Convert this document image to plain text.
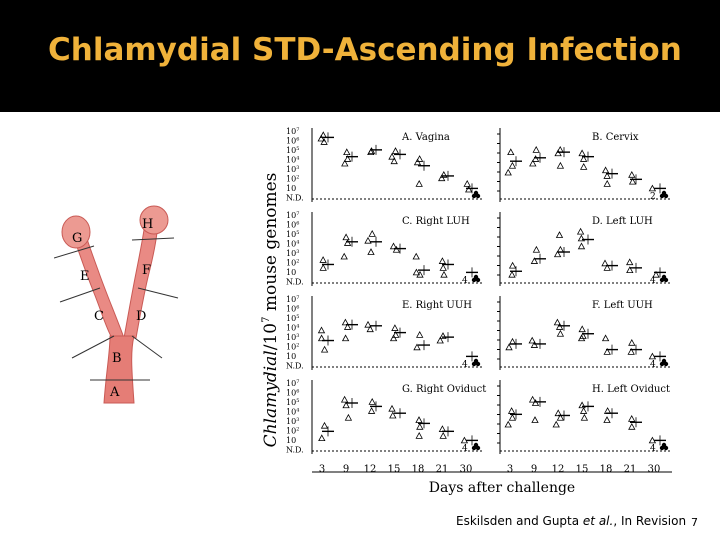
Chlamydial STD-Ascending Infection
G
H
E	F
C D
B
A	Chlamydial/$10^7$ mouse genomes
Days after challenge
$10^7$
$10^6$
$10^5$
$10^4$
$10^3$
$10^2$
10
N.D.
A. Vagina	B. Cervix
2
$10^7$
$10^6$
$10^5$
$10^4$
$10^3$
$10^2$
10
N.D.
C. Right LUH
4
D. Left LUH
4
$10^7$
$10^6$
$10^5$
$10^4$
$10^3$
$10^2$
10
N.D.
E. Right UUH
4
F. Left UUH
4
$10^7$
$10^6$
$10^5$
$10^4$
$10^3$
$10^2$
10
N.D.
G. Right Oviduct
4
3 9 12 15 18 21 30
H. Left Oviduct
4
3 9 12 15 18 21 30
Eskilsden and Gupta et al., In Revision 7
